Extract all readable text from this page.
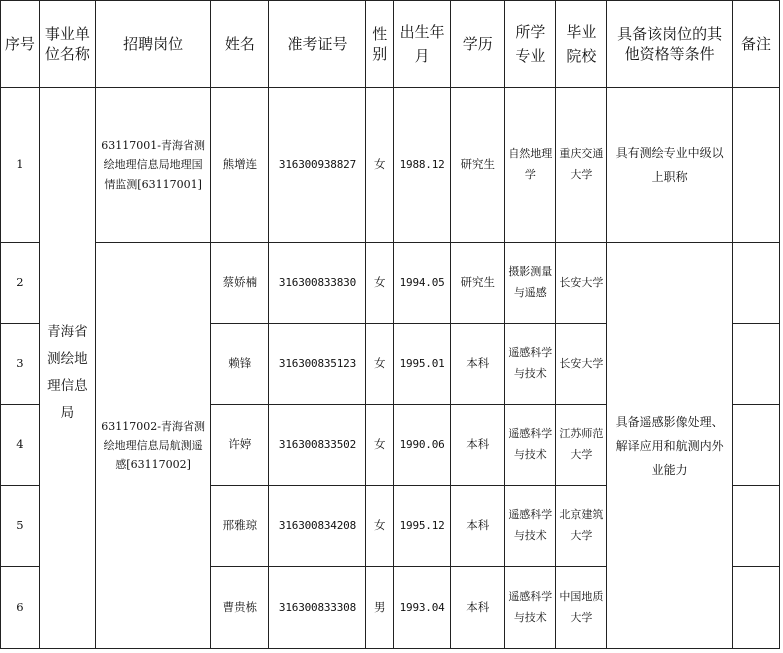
序号	事业单位名称	招聘岗位	姓名	准考证号	性别	出生年月	学历	所学专业	毕业院校	具备该岗位的其他资格等条件	备注
1	青海省测绘地理信息局	63117001-青海省测绘地理信息局地理国情监测[63117001]	熊增连	316300938827	女	1988.12	研究生	自然地理学	重庆交通大学	具有测绘专业中级以上职称	
2		63117002-青海省测绘地理信息局航测遥感[63117002]	蔡娇楠	316300833830	女	1994.05	研究生	摄影测量与遥感	长安大学	具备遥感影像处理、解译应用和航测内外业能力	
3			赖锋	316300835123	女	1995.01	本科	遥感科学与技术	长安大学		
4			许婷	316300833502	女	1990.06	本科	遥感科学与技术	江苏师范大学		
5			邢雅琼	316300834208	女	1995.12	本科	遥感科学与技术	北京建筑大学		
6			曹贵栋	316300833308	男	1993.04	本科	遥感科学与技术	中国地质大学		
